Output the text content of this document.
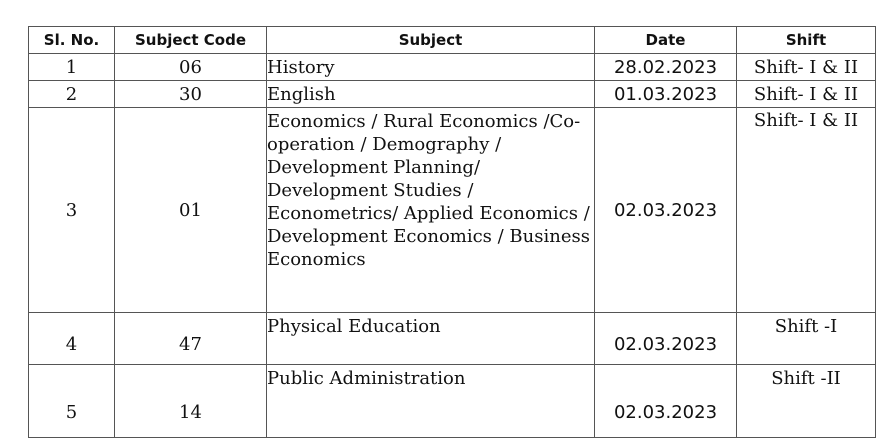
Sl. No.	Subject Code	Subject	Date	Shift
1	06	History	28.02.2023	Shift- I & II
2	30	English	01.03.2023	Shift- I & II
3	01	Economics / Rural Economics /Co-operation / Demography / Development Planning/ Development Studies / Econometrics/ Applied Economics / Development Economics / Business Economics	02.03.2023	Shift- I & II
4	47	Physical Education	02.03.2023	Shift -I
5	14	Public Administration	02.03.2023	Shift -II
